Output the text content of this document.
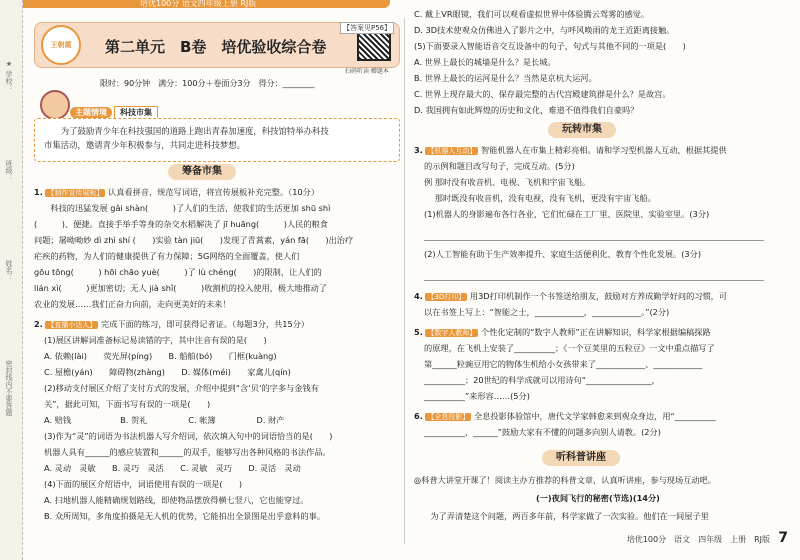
培优100分 语文四年级上册 RJ版
★ 学校：
班级：
姓名：
密封线内不要答题
王朝霞	第二单元　B卷　培优验收综合卷
【答案见P56】
扫码听读·赠题本
限时：90分钟　满分：100分＋卷面分3分　得分：________
主题情境 科技市集
　　为了鼓励青少年在科技强国的道路上跑出青春加速度，科技馆特举办科技
市集活动，邀请青少年积极参与，共同走进科技梦想。
筹备市集
1. 【制作宣传展板】 认真看拼音，规范写词语，将宣传展板补充完整。（10分）
　　科技的迅猛发展 gǎi shàn(　　　)了人们的生活，使我们的生活更加 shū shì
(　　　)、便捷。直接手举手等身的杂交水稻解决了 jī huāng(　　　)人民的粮食
问题；屠呦呦妙 dì zhì shí (　　)实验 tàn jiū(　　)发现了青蒿素，yán fā(　　)出治疗
疟疾的药物，为人们的健康提供了有力保障；5G网络的全面覆盖，使人们
gōu tōng(　　　) hōi chāo yuè(　　　)了 lù chéng(　　)的限制，让人们的
lián xì(　　　)更加密切；无人 jià shǐ(　　　)收割机的投入使用，极大地推动了
农业的发展……我们正奋力向前，走向更美好的未来！
2. 【直播小达人】 完成下面的练习，即可获得记者证。（每题3分，共15分）
(1)展区讲解词准备标记易读错的字，其中注音有误的是(　　)
A. 依赖(lài)　　荧光屏(píng)　　B. 船舶(bó)　　门框(kuàng)
C. 屋檐(yán)　　障碍物(zhàng)　　D. 媒体(méi)　　家禽儿(qín)
(2)移动支付展区介绍了支付方式的发展，介绍中提到“含‘贝’的字多与金钱有
关”，据此可知，下面书写有误的一项是(　　)
A. 赔钱　　　　　　B. 贺礼　　　　　C. 帐簿　　　　　D. 财产
(3)作为“灵”的词语为书法机器人写介绍词，依次填入句中的词语恰当的是(　　)
机器人具有______的感应装置和______的双手，能够写出各种风格的书法作品。
A. 灵动　灵敏　　B. 灵巧　灵活　　C. 灵敏　灵巧　　D. 灵活　灵动
(4)下面的展区介绍语中，词语使用有误的一项是(　　)
A. 扫地机器人能精确规划路线，即使物品摆放得横七竖八，它也能穿过。
B. 众所周知，多角度拍摄是无人机的优势，它能拍出全景图是出乎意料的事。
C. 戴上VR眼镜，我们可以观看虚拟世界中体验腾云驾雾的感觉。
D. 3D技术使观众仿佛进入了影片之中，与呼风唤雨的龙王近距离接触。
(5)下面要录入智能语音交互设备中的句子，句式与其他不同的一项是(　　)
A. 世界上最长的城墙是什么？是长城。
B. 世界上最长的运河是什么？当然是京杭大运河。
C. 世界上现存最大的、保存最完整的古代宫殿建筑群是什么？是故宫。
D. 我国拥有如此辉煌的历史和文化，难道不值得我们自豪吗？
玩转市集
3. 【机器人互动】 智能机器人在市集上精彩亮相。请和学习型机器人互动，根据其提供
的示例和题目改写句子，完成互动。(5分)
例 那时没有收音机、电视、飞机和宇宙飞船。
　 那时既没有收音机，没有电视，没有飞机，更没有宇宙飞船。
(1)机器人的身影遍布各行各业，它们忙碌在工厂里、医院里、实验室里。(3分)
(2)人工智能有助于生产效率提升、家庭生活便利化、教育个性化发展。(3分)
4. 【3D打印】 用3D打印机制作一个书签送给朋友，鼓励对方养成勤学好问的习惯，可
以在书签上写上：“智能之士，____________，____________。”(2分)
5. 【数字人教师】 个性化定制的“数字人教师”正在讲解知识，科学家根据编稿探路
的原理，在飞机上安装了__________；《一个豆荚里的五粒豆》一文中重点描写了
第______粒豌豆用它的物体生机给小女孩带来了____________、____________
__________；20世纪的科学成就可以用诗句“________________，
__________”来形容……(5分)
6. 【全息投影】 全息投影体验馆中，唐代文学家韩愈来到观众身边，用“__________
__________，______”鼓励大家有不懂的问题多向别人请教。(2分)
听科普讲座
◎科普大讲堂开课了！阅读主办方推荐的科普文章，认真听讲座，参与现场互动吧。
(一)夜间飞行的秘密(节选)(14分)
　　为了弄清楚这个问题，两百多年前，科学家做了一次实验。他们在一间屋子里
培优100分　语文　四年级　上册　RJ版 7
